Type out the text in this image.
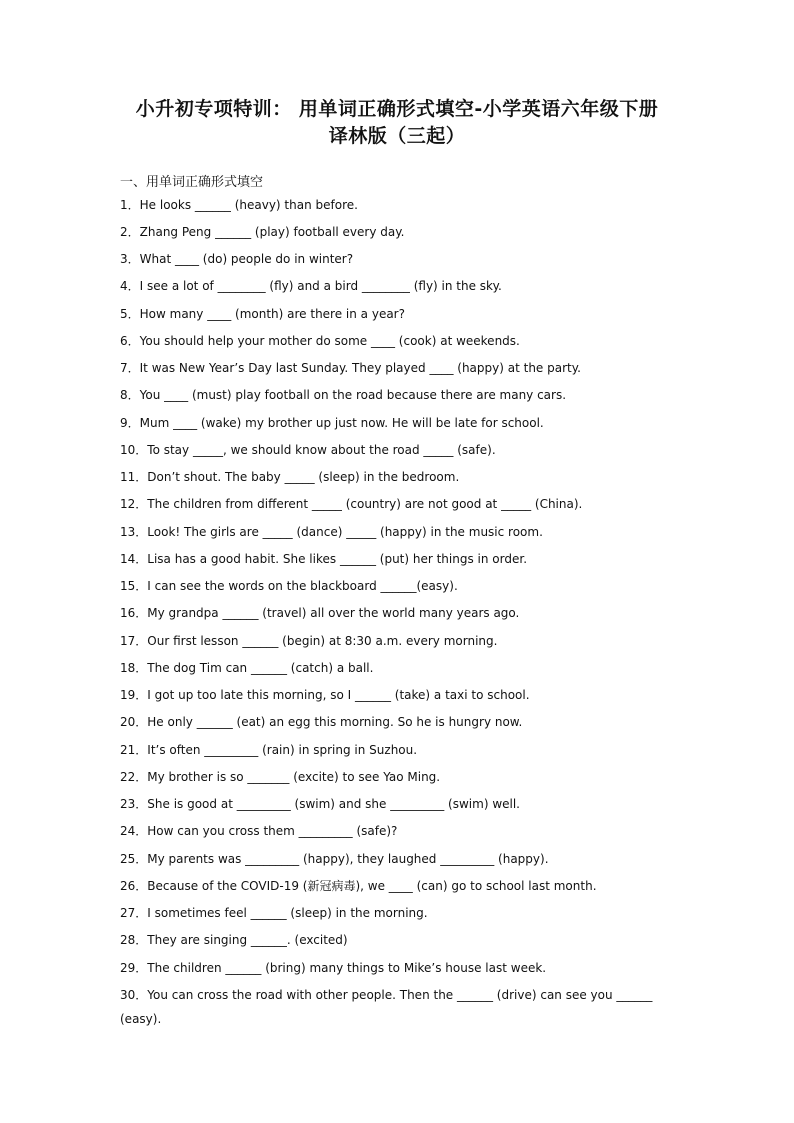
小升初专项特训： 用单词正确形式填空-小学英语六年级下册
译林版（三起）
一、用单词正确形式填空
1． He looks ______ (heavy) than before.
2． Zhang Peng ______ (play) football every day.
3． What ____ (do) people do in winter?
4． I see a lot of ________ (fly) and a bird ________ (fly) in the sky.
5． How many ____ (month) are there in a year?
6． You should help your mother do some ____ (cook) at weekends.
7． It was New Year’s Day last Sunday. They played ____ (happy) at the party.
8． You ____ (must) play football on the road because there are many cars.
9． Mum ____ (wake) my brother up just now. He will be late for school.
10． To stay _____, we should know about the road _____ (safe).
11． Don’t shout. The baby _____ (sleep) in the bedroom.
12． The children from different _____ (country) are not good at _____ (China).
13． Look! The girls are _____ (dance) _____ (happy) in the music room.
14． Lisa has a good habit. She likes ______ (put) her things in order.
15． I can see the words on the blackboard ______(easy).
16． My grandpa ______ (travel) all over the world many years ago.
17． Our first lesson ______ (begin) at 8:30 a.m. every morning.
18． The dog Tim can ______ (catch) a ball.
19． I got up too late this morning, so I ______ (take) a taxi to school.
20． He only ______ (eat) an egg this morning. So he is hungry now.
21． It’s often _________ (rain) in spring in Suzhou.
22． My brother is so _______ (excite) to see Yao Ming.
23． She is good at _________ (swim) and she _________ (swim) well.
24． How can you cross them _________ (safe)?
25． My parents was _________ (happy), they laughed _________ (happy).
26． Because of the COVID-19 (新冠病毒), we ____ (can) go to school last month.
27． I sometimes feel ______ (sleep) in the morning.
28． They are singing ______. (excited)
29． The children ______ (bring) many things to Mike’s house last week.
30． You can cross the road with other people. Then the ______ (drive) can see you ______
(easy).
